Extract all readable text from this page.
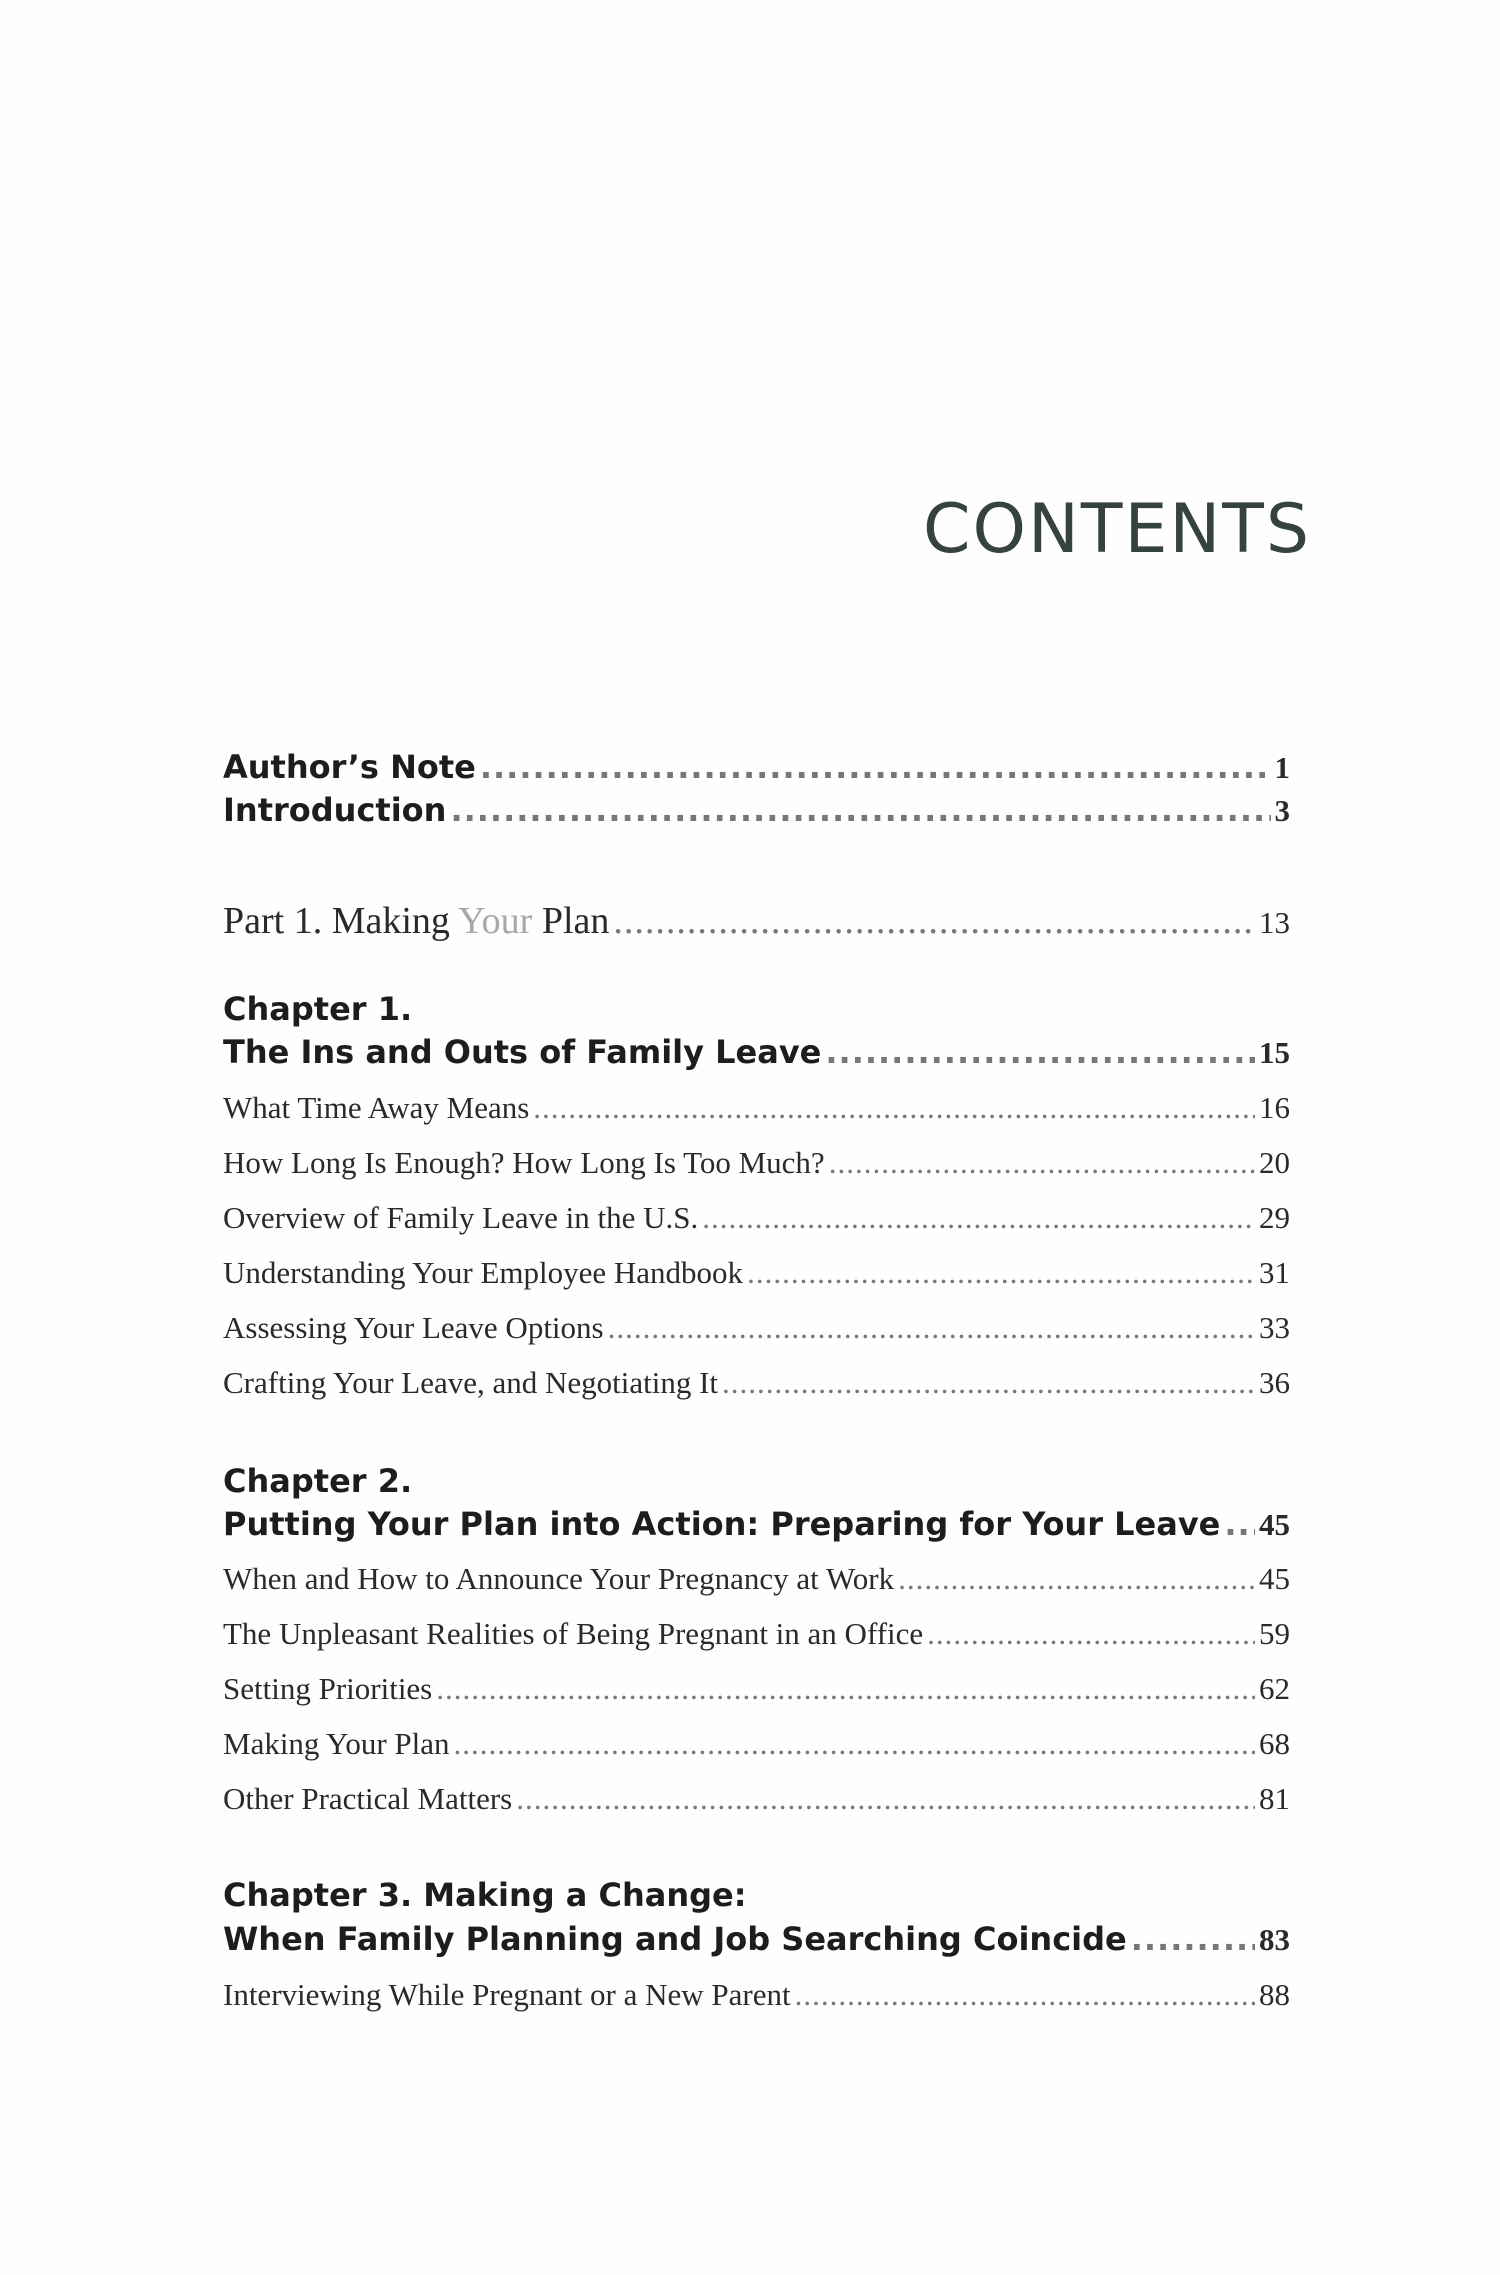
CONTENTS
Author’s Note .....	1
Introduction .....	3
Part 1. Making Your Plan .....	13
Chapter 1.
The Ins and Outs of Family Leave .....	15
What Time Away Means .....	16
How Long Is Enough? How Long Is Too Much? .....	20
Overview of Family Leave in the U.S. .....	29
Understanding Your Employee Handbook .....	31
Assessing Your Leave Options .....	33
Crafting Your Leave, and Negotiating It .....	36
Chapter 2.
Putting Your Plan into Action: Preparing for Your Leave ..... 45
When and How to Announce Your Pregnancy at Work .....	45
The Unpleasant Realities of Being Pregnant in an Office .....	59
Setting Priorities .....	62
Making Your Plan .....	68
Other Practical Matters .....	81
Chapter 3. Making a Change:
When Family Planning and Job Searching Coincide .....	83
Interviewing While Pregnant or a New Parent .....	88
